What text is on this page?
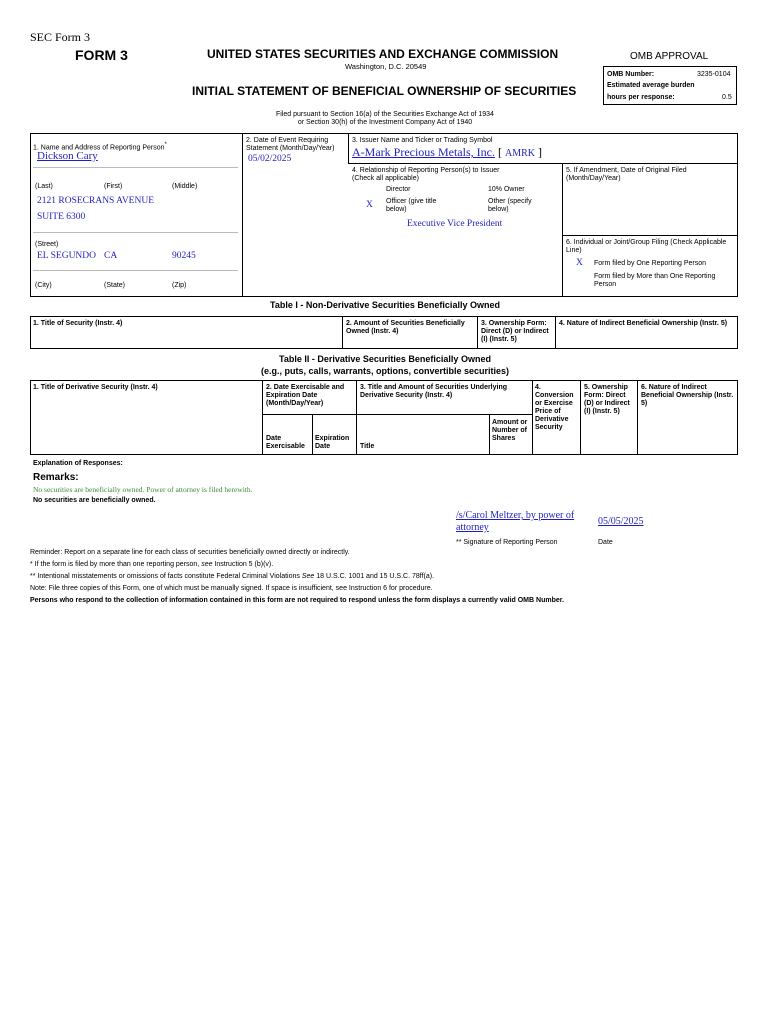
SEC Form 3
FORM 3	UNITED STATES SECURITIES AND EXCHANGE COMMISSION
Washington, D.C. 20549
INITIAL STATEMENT OF BENEFICIAL OWNERSHIP OF SECURITIES
OMB APPROVAL
OMB Number:	3235-0104
Estimated average burden
hours per response:	0.5
Filed pursuant to Section 16(a) of the Securities Exchange Act of 1934
or Section 30(h) of the Investment Company Act of 1940
1. Name and Address of Reporting Person*
Dickson Cary
(Last)	(First)	(Middle)
2121 ROSECRANS AVENUE
SUITE 6300
(Street)
EL SEGUNDO CA	90245
(City)	(State)	(Zip)
2. Date of Event Requiring Statement (Month/Day/Year)
05/02/2025
3. Issuer Name and Ticker or Trading Symbol
A-Mark Precious Metals, Inc. [ AMRK ]
4. Relationship of Reporting Person(s) to Issuer
(Check all applicable)
Director	10% Owner
X Officer (give title below)
Other (specify below)
Executive Vice President
5. If Amendment, Date of Original Filed (Month/Day/Year)
6. Individual or Joint/Group Filing (Check Applicable Line)
X Form filed by One Reporting Person
Form filed by More than One Reporting Person
Table I - Non-Derivative Securities Beneficially Owned
1. Title of Security (Instr. 4)	2. Amount of Securities Beneficially Owned (Instr. 4)
3. Ownership Form: Direct (D) or Indirect (I) (Instr. 5)
4. Nature of Indirect Beneficial Ownership (Instr. 5)
Table II - Derivative Securities Beneficially Owned
(e.g., puts, calls, warrants, options, convertible securities)
1. Title of Derivative Security (Instr. 4)	2. Date Exercisable and Expiration Date (Month/Day/Year)
3. Title and Amount of Securities Underlying Derivative Security (Instr. 4)
4. Conversion or Exercise Price of Derivative Security
5. Ownership Form: Direct (D) or Indirect (I) (Instr. 5)
6. Nature of Indirect Beneficial Ownership (Instr. 5)
Date Exercisable
Expiration Date	Title
Amount or Number of Shares
Explanation of Responses:
Remarks:
No securities are beneficially owned. Power of attorney is filed herewith.
No securities are beneficially owned.
/s/Carol Meltzer, by power of attorney
05/05/2025
** Signature of Reporting Person	Date
Reminder: Report on a separate line for each class of securities beneficially owned directly or indirectly.
* If the form is filed by more than one reporting person, see Instruction 5 (b)(v).
** Intentional misstatements or omissions of facts constitute Federal Criminal Violations See 18 U.S.C. 1001 and 15 U.S.C. 78ff(a).
Note: File three copies of this Form, one of which must be manually signed. If space is insufficient, see Instruction 6 for procedure.
Persons who respond to the collection of information contained in this form are not required to respond unless the form displays a currently valid OMB Number.
